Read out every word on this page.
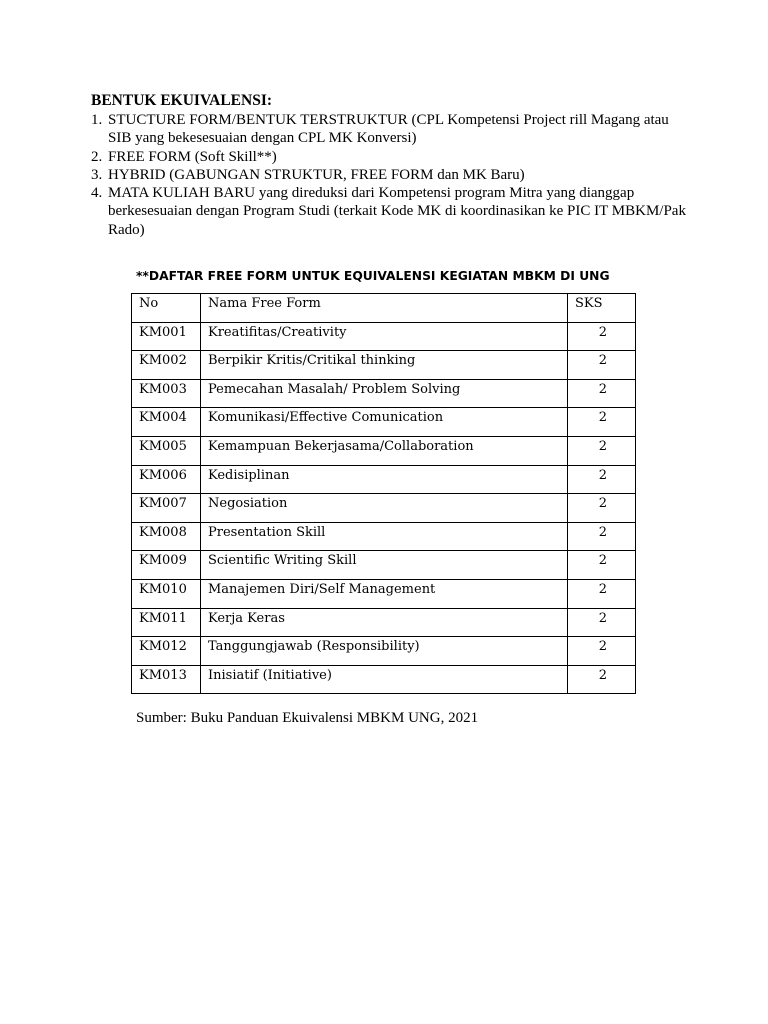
BENTUK EKUIVALENSI:
1. STUCTURE FORM/BENTUK TERSTRUKTUR (CPL Kompetensi Project rill Magang atau SIB yang bekesesuaian dengan CPL MK Konversi)
2. FREE FORM (Soft Skill**)
3. HYBRID (GABUNGAN STRUKTUR, FREE FORM dan MK Baru)
4. MATA KULIAH BARU yang direduksi dari Kompetensi program Mitra yang dianggap berkesesuaian dengan Program Studi (terkait Kode MK di koordinasikan ke PIC IT MBKM/Pak Rado)
**DAFTAR FREE FORM UNTUK EQUIVALENSI KEGIATAN MBKM DI UNG
No	Nama Free Form	SKS
KM001	Kreatifitas/Creativity	2
KM002	Berpikir Kritis/Critikal thinking	2
KM003	Pemecahan Masalah/ Problem Solving	2
KM004	Komunikasi/Effective Comunication	2
KM005	Kemampuan Bekerjasama/Collaboration	2
KM006	Kedisiplinan	2
KM007	Negosiation	2
KM008	Presentation Skill	2
KM009	Scientific Writing Skill	2
KM010	Manajemen Diri/Self Management	2
KM011	Kerja Keras	2
KM012	Tanggungjawab (Responsibility)	2
KM013	Inisiatif (Initiative)	2
Sumber: Buku Panduan Ekuivalensi MBKM UNG, 2021
